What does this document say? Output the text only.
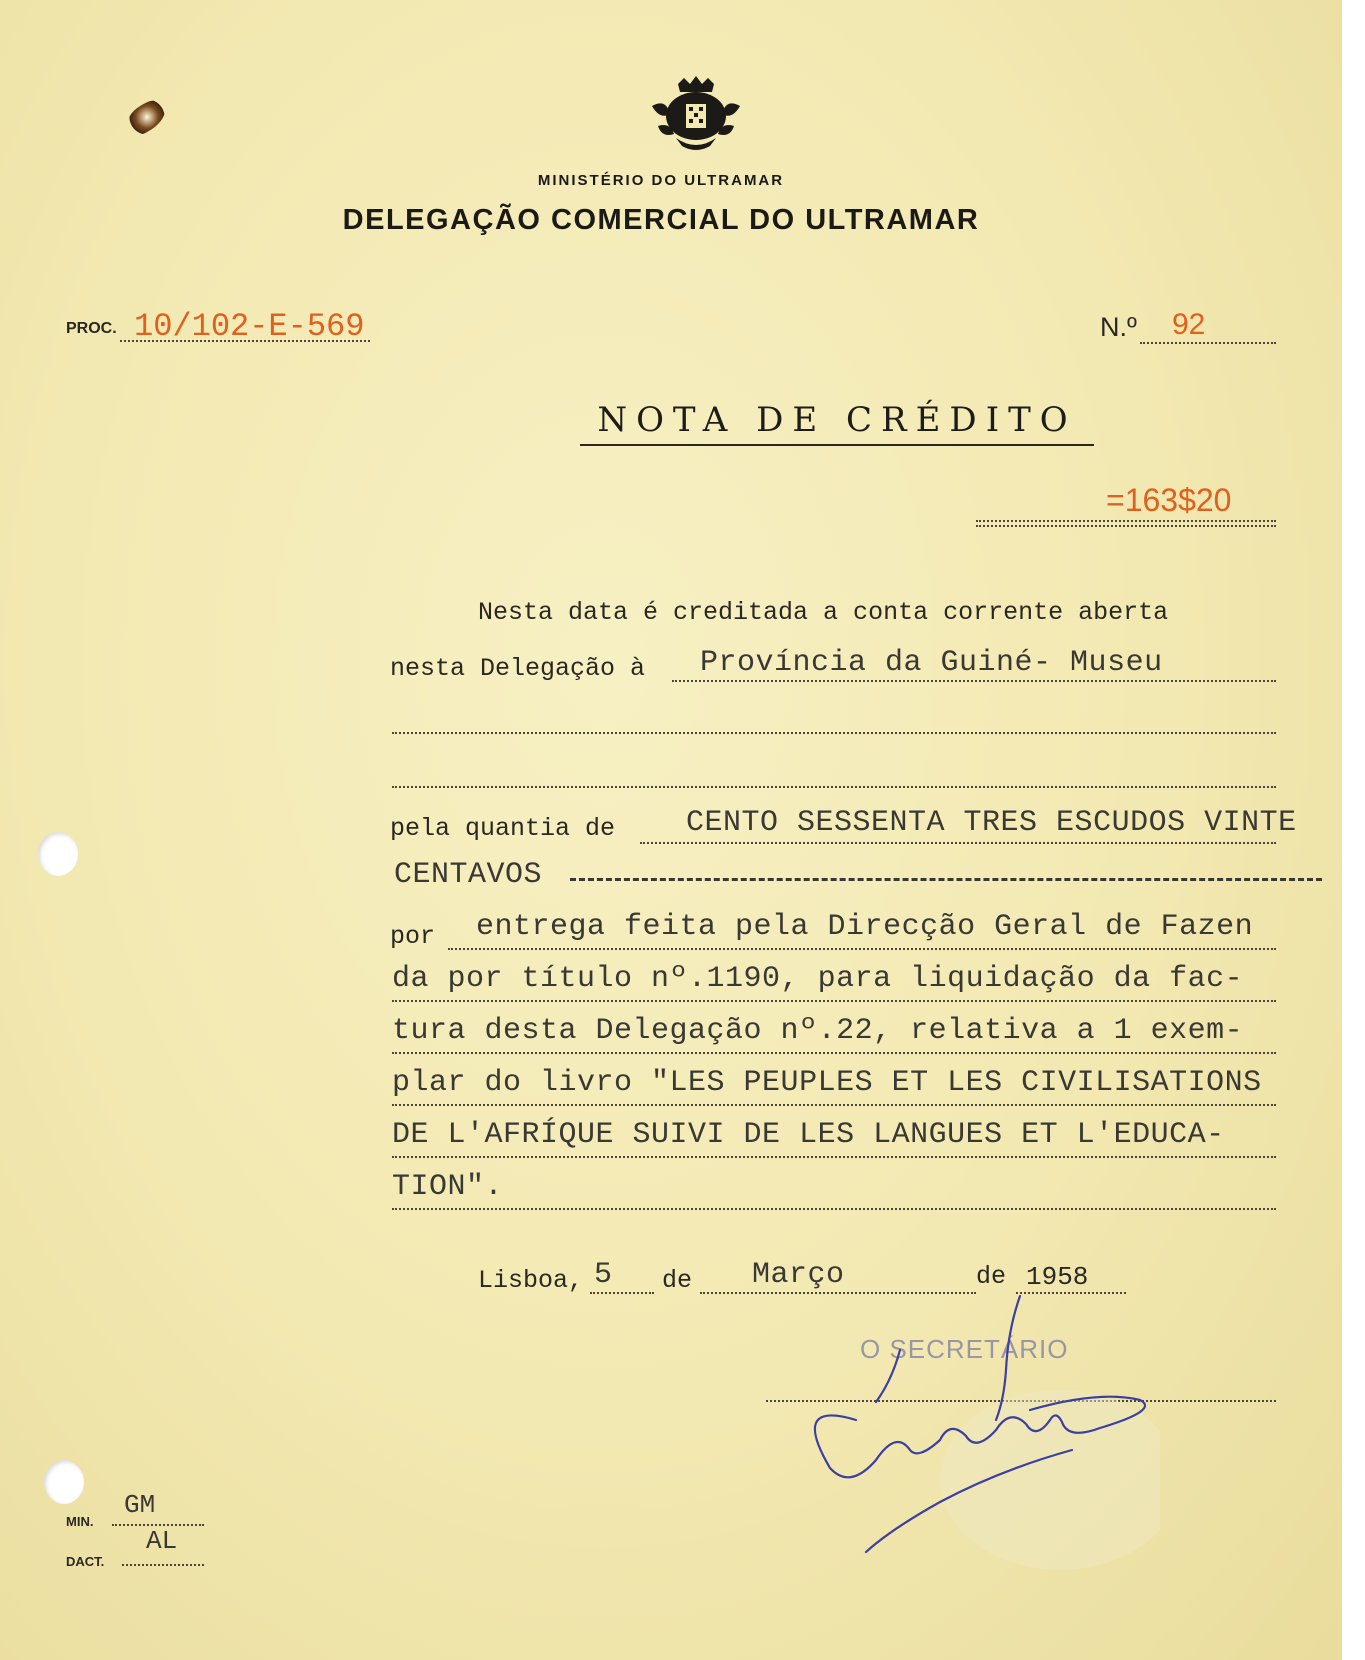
MINISTÉRIO DO ULTRAMAR
DELEGAÇÃO COMERCIAL DO ULTRAMAR
PROC. 10/102-E-569	N.º 92
NOTA DE CRÉDITO
=163$20
Nesta data é creditada a conta corrente aberta
nesta Delegação à Província da Guiné- Museu
pela quantia de CENTO SESSENTA TRES ESCUDOS VINTE
CENTAVOS
por entrega feita pela Direcção Geral de Fazen
da por título nº.1190, para liquidação da fac-
tura desta Delegação nº.22, relativa a 1 exem-
plar do livro "LES PEUPLES ET LES CIVILISATIONS
DE L'AFRÍQUE SUIVI DE LES LANGUES ET L'EDUCA-
TION".
Lisboa, 5 de Março	de 1958
O SECRETÁRIO
MIN.
GM
AL
DACT.
